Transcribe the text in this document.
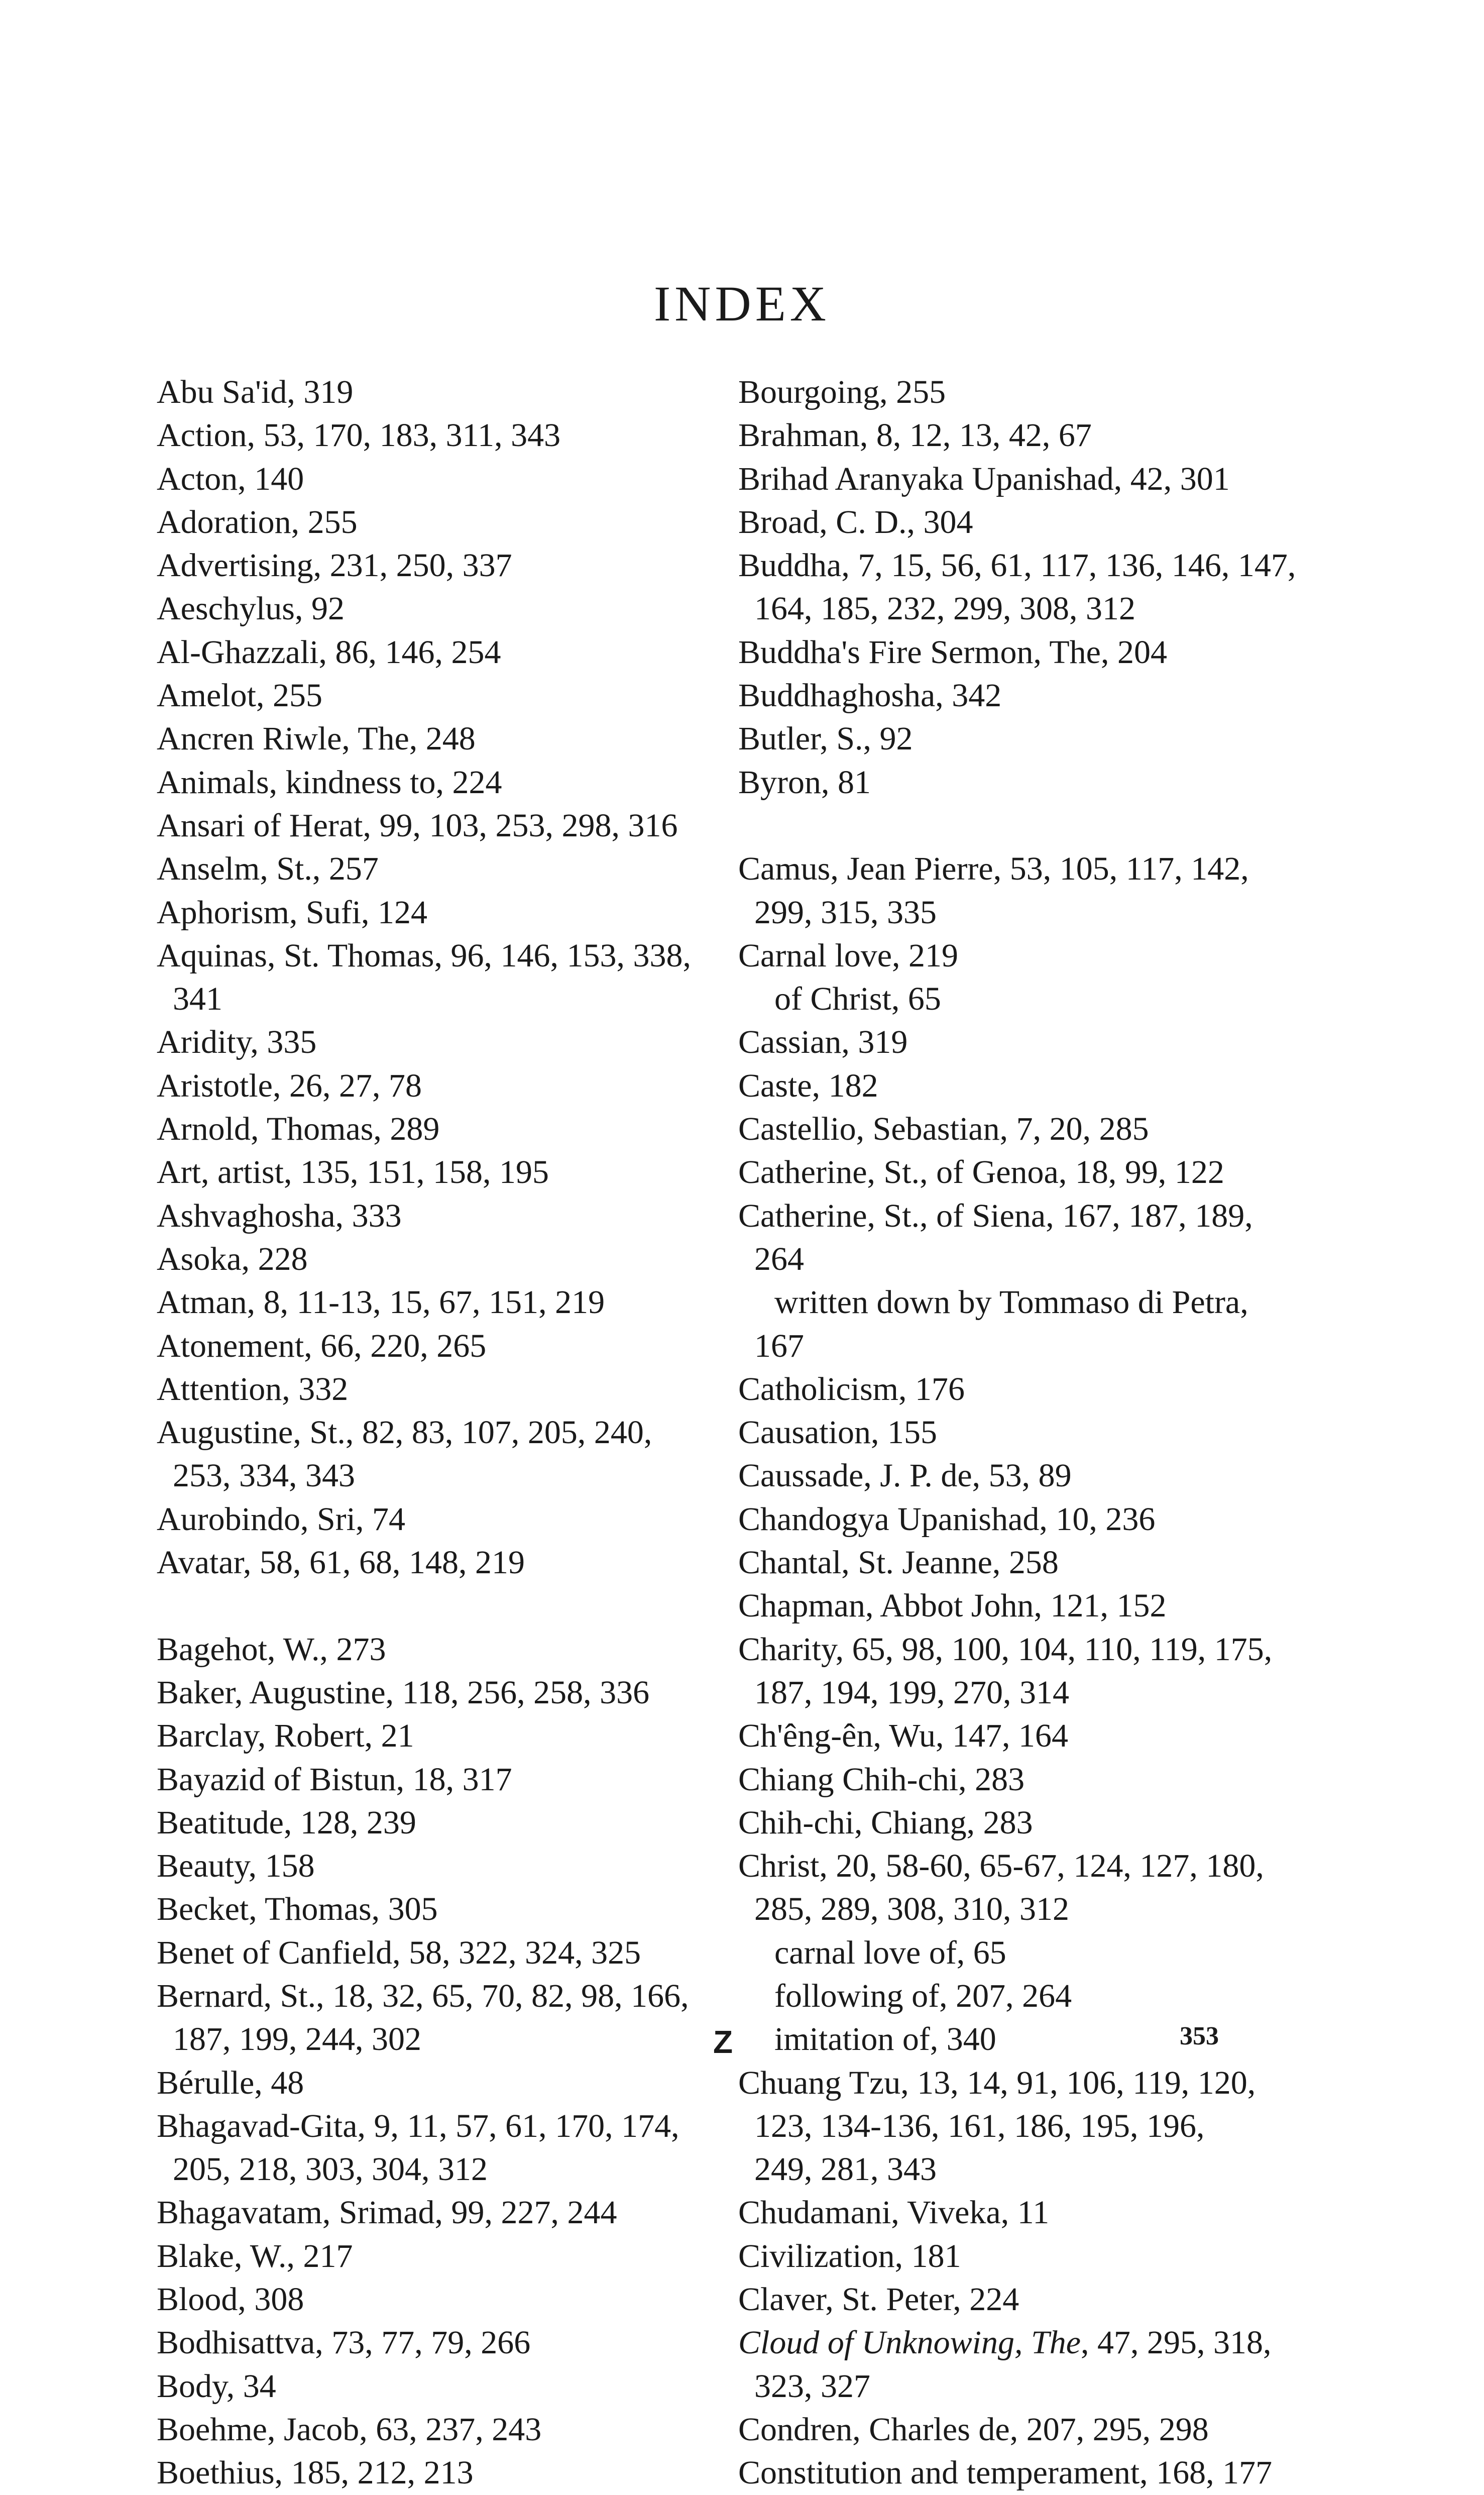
INDEX
Abu Sa'id, 319
Action, 53, 170, 183, 311, 343
Acton, 140
Adoration, 255
Advertising, 231, 250, 337
Aeschylus, 92
Al-Ghazzali, 86, 146, 254
Amelot, 255
Ancren Riwle, The, 248
Animals, kindness to, 224
Ansari of Herat, 99, 103, 253, 298, 316
Anselm, St., 257
Aphorism, Sufi, 124
Aquinas, St. Thomas, 96, 146, 153, 338,
341
Aridity, 335
Aristotle, 26, 27, 78
Arnold, Thomas, 289
Art, artist, 135, 151, 158, 195
Ashvaghosha, 333
Asoka, 228
Atman, 8, 11-13, 15, 67, 151, 219
Atonement, 66, 220, 265
Attention, 332
Augustine, St., 82, 83, 107, 205, 240,
253, 334, 343
Aurobindo, Sri, 74
Avatar, 58, 61, 68, 148, 219
Bagehot, W., 273
Baker, Augustine, 118, 256, 258, 336
Barclay, Robert, 21
Bayazid of Bistun, 18, 317
Beatitude, 128, 239
Beauty, 158
Becket, Thomas, 305
Benet of Canfield, 58, 322, 324, 325
Bernard, St., 18, 32, 65, 70, 82, 98, 166,
187, 199, 244, 302
Bérulle, 48
Bhagavad-Gita, 9, 11, 57, 61, 170, 174,
205, 218, 303, 304, 312
Bhagavatam, Srimad, 99, 227, 244
Blake, W., 217
Blood, 308
Bodhisattva, 73, 77, 79, 266
Body, 34
Boehme, Jacob, 63, 237, 243
Boethius, 185, 212, 213
Bourgoing, 255
Brahman, 8, 12, 13, 42, 67
Brihad Aranyaka Upanishad, 42, 301
Broad, C. D., 304
Buddha, 7, 15, 56, 61, 117, 136, 146, 147,
164, 185, 232, 299, 308, 312
Buddha's Fire Sermon, The, 204
Buddhaghosha, 342
Butler, S., 92
Byron, 81
Camus, Jean Pierre, 53, 105, 117, 142,
299, 315, 335
Carnal love, 219
of Christ, 65
Cassian, 319
Caste, 182
Castellio, Sebastian, 7, 20, 285
Catherine, St., of Genoa, 18, 99, 122
Catherine, St., of Siena, 167, 187, 189,
264
written down by Tommaso di Petra,
167
Catholicism, 176
Causation, 155
Caussade, J. P. de, 53, 89
Chandogya Upanishad, 10, 236
Chantal, St. Jeanne, 258
Chapman, Abbot John, 121, 152
Charity, 65, 98, 100, 104, 110, 119, 175,
187, 194, 199, 270, 314
Ch'êng-ên, Wu, 147, 164
Chiang Chih-chi, 283
Chih-chi, Chiang, 283
Christ, 20, 58-60, 65-67, 124, 127, 180,
285, 289, 308, 310, 312
carnal love of, 65
following of, 207, 264
imitation of, 340
Chuang Tzu, 13, 14, 91, 106, 119, 120,
123, 134-136, 161, 186, 195, 196,
249, 281, 343
Chudamani, Viveka, 11
Civilization, 181
Claver, St. Peter, 224
Cloud of Unknowing, The, 47, 295, 318,
323, 327
Condren, Charles de, 207, 295, 298
Constitution and temperament, 168, 177
Z	353
